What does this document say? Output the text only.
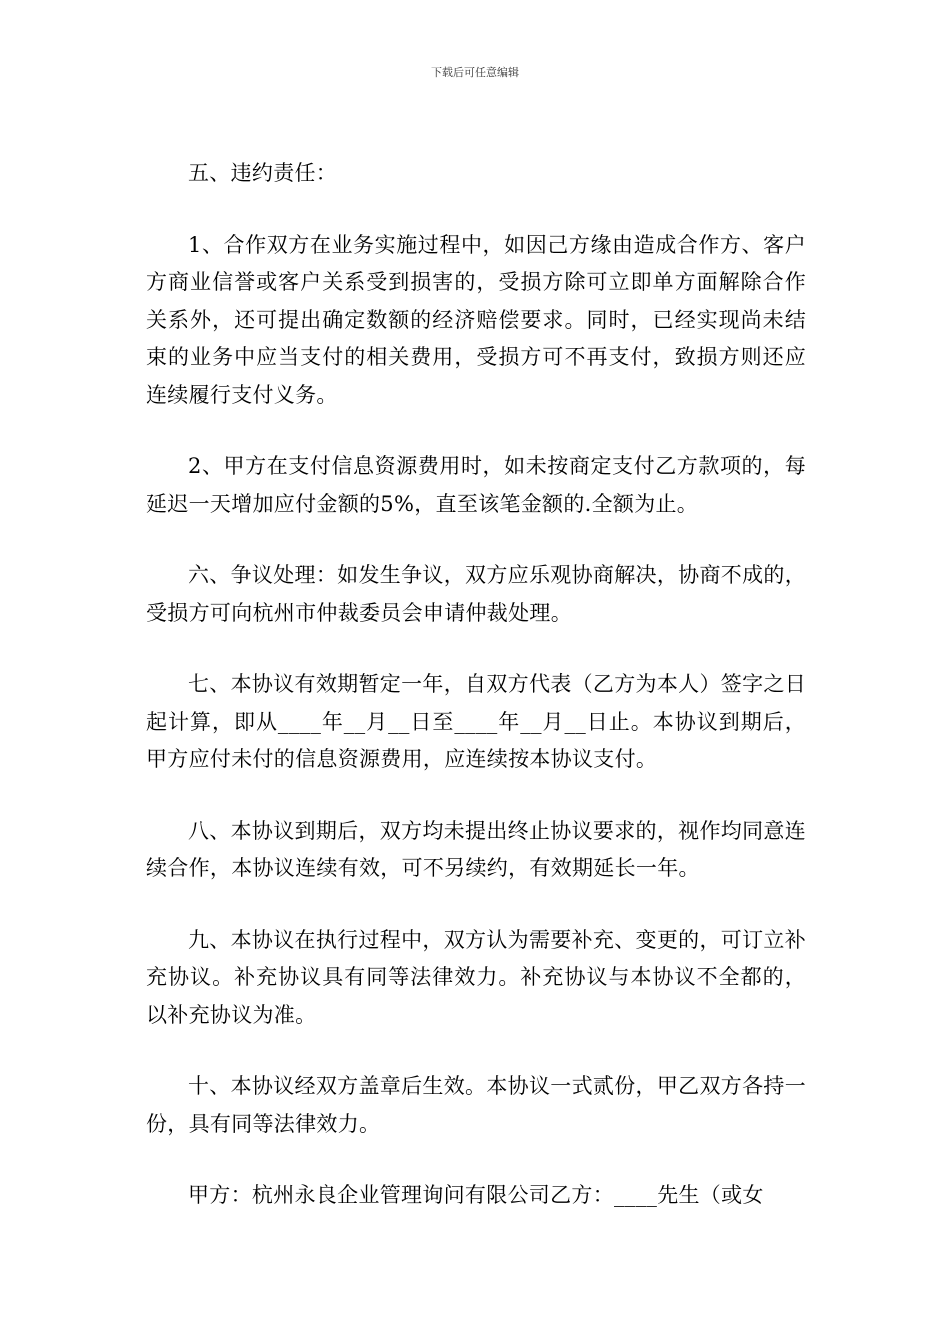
下载后可任意编辑

五、违约责任：

1、合作双方在业务实施过程中，如因己方缘由造成合作方、客户方商业信誉或客户关系受到损害的，受损方除可立即单方面解除合作关系外，还可提出确定数额的经济赔偿要求。同时，已经实现尚未结束的业务中应当支付的相关费用，受损方可不再支付，致损方则还应连续履行支付义务。

2、甲方在支付信息资源费用时，如未按商定支付乙方款项的，每延迟一天增加应付金额的5%，直至该笔金额的.全额为止。

六、争议处理：如发生争议，双方应乐观协商解决，协商不成的，受损方可向杭州市仲裁委员会申请仲裁处理。

七、本协议有效期暂定一年，自双方代表（乙方为本人）签字之日起计算，即从____年__月__日至____年__月__日止。本协议到期后，甲方应付未付的信息资源费用，应连续按本协议支付。

八、本协议到期后，双方均未提出终止协议要求的，视作均同意连续合作，本协议连续有效，可不另续约，有效期延长一年。

九、本协议在执行过程中，双方认为需要补充、变更的，可订立补充协议。补充协议具有同等法律效力。补充协议与本协议不全都的，以补充协议为准。

十、本协议经双方盖章后生效。本协议一式贰份，甲乙双方各持一份，具有同等法律效力。

甲方：杭州永良企业管理询问有限公司乙方：____先生（或女
